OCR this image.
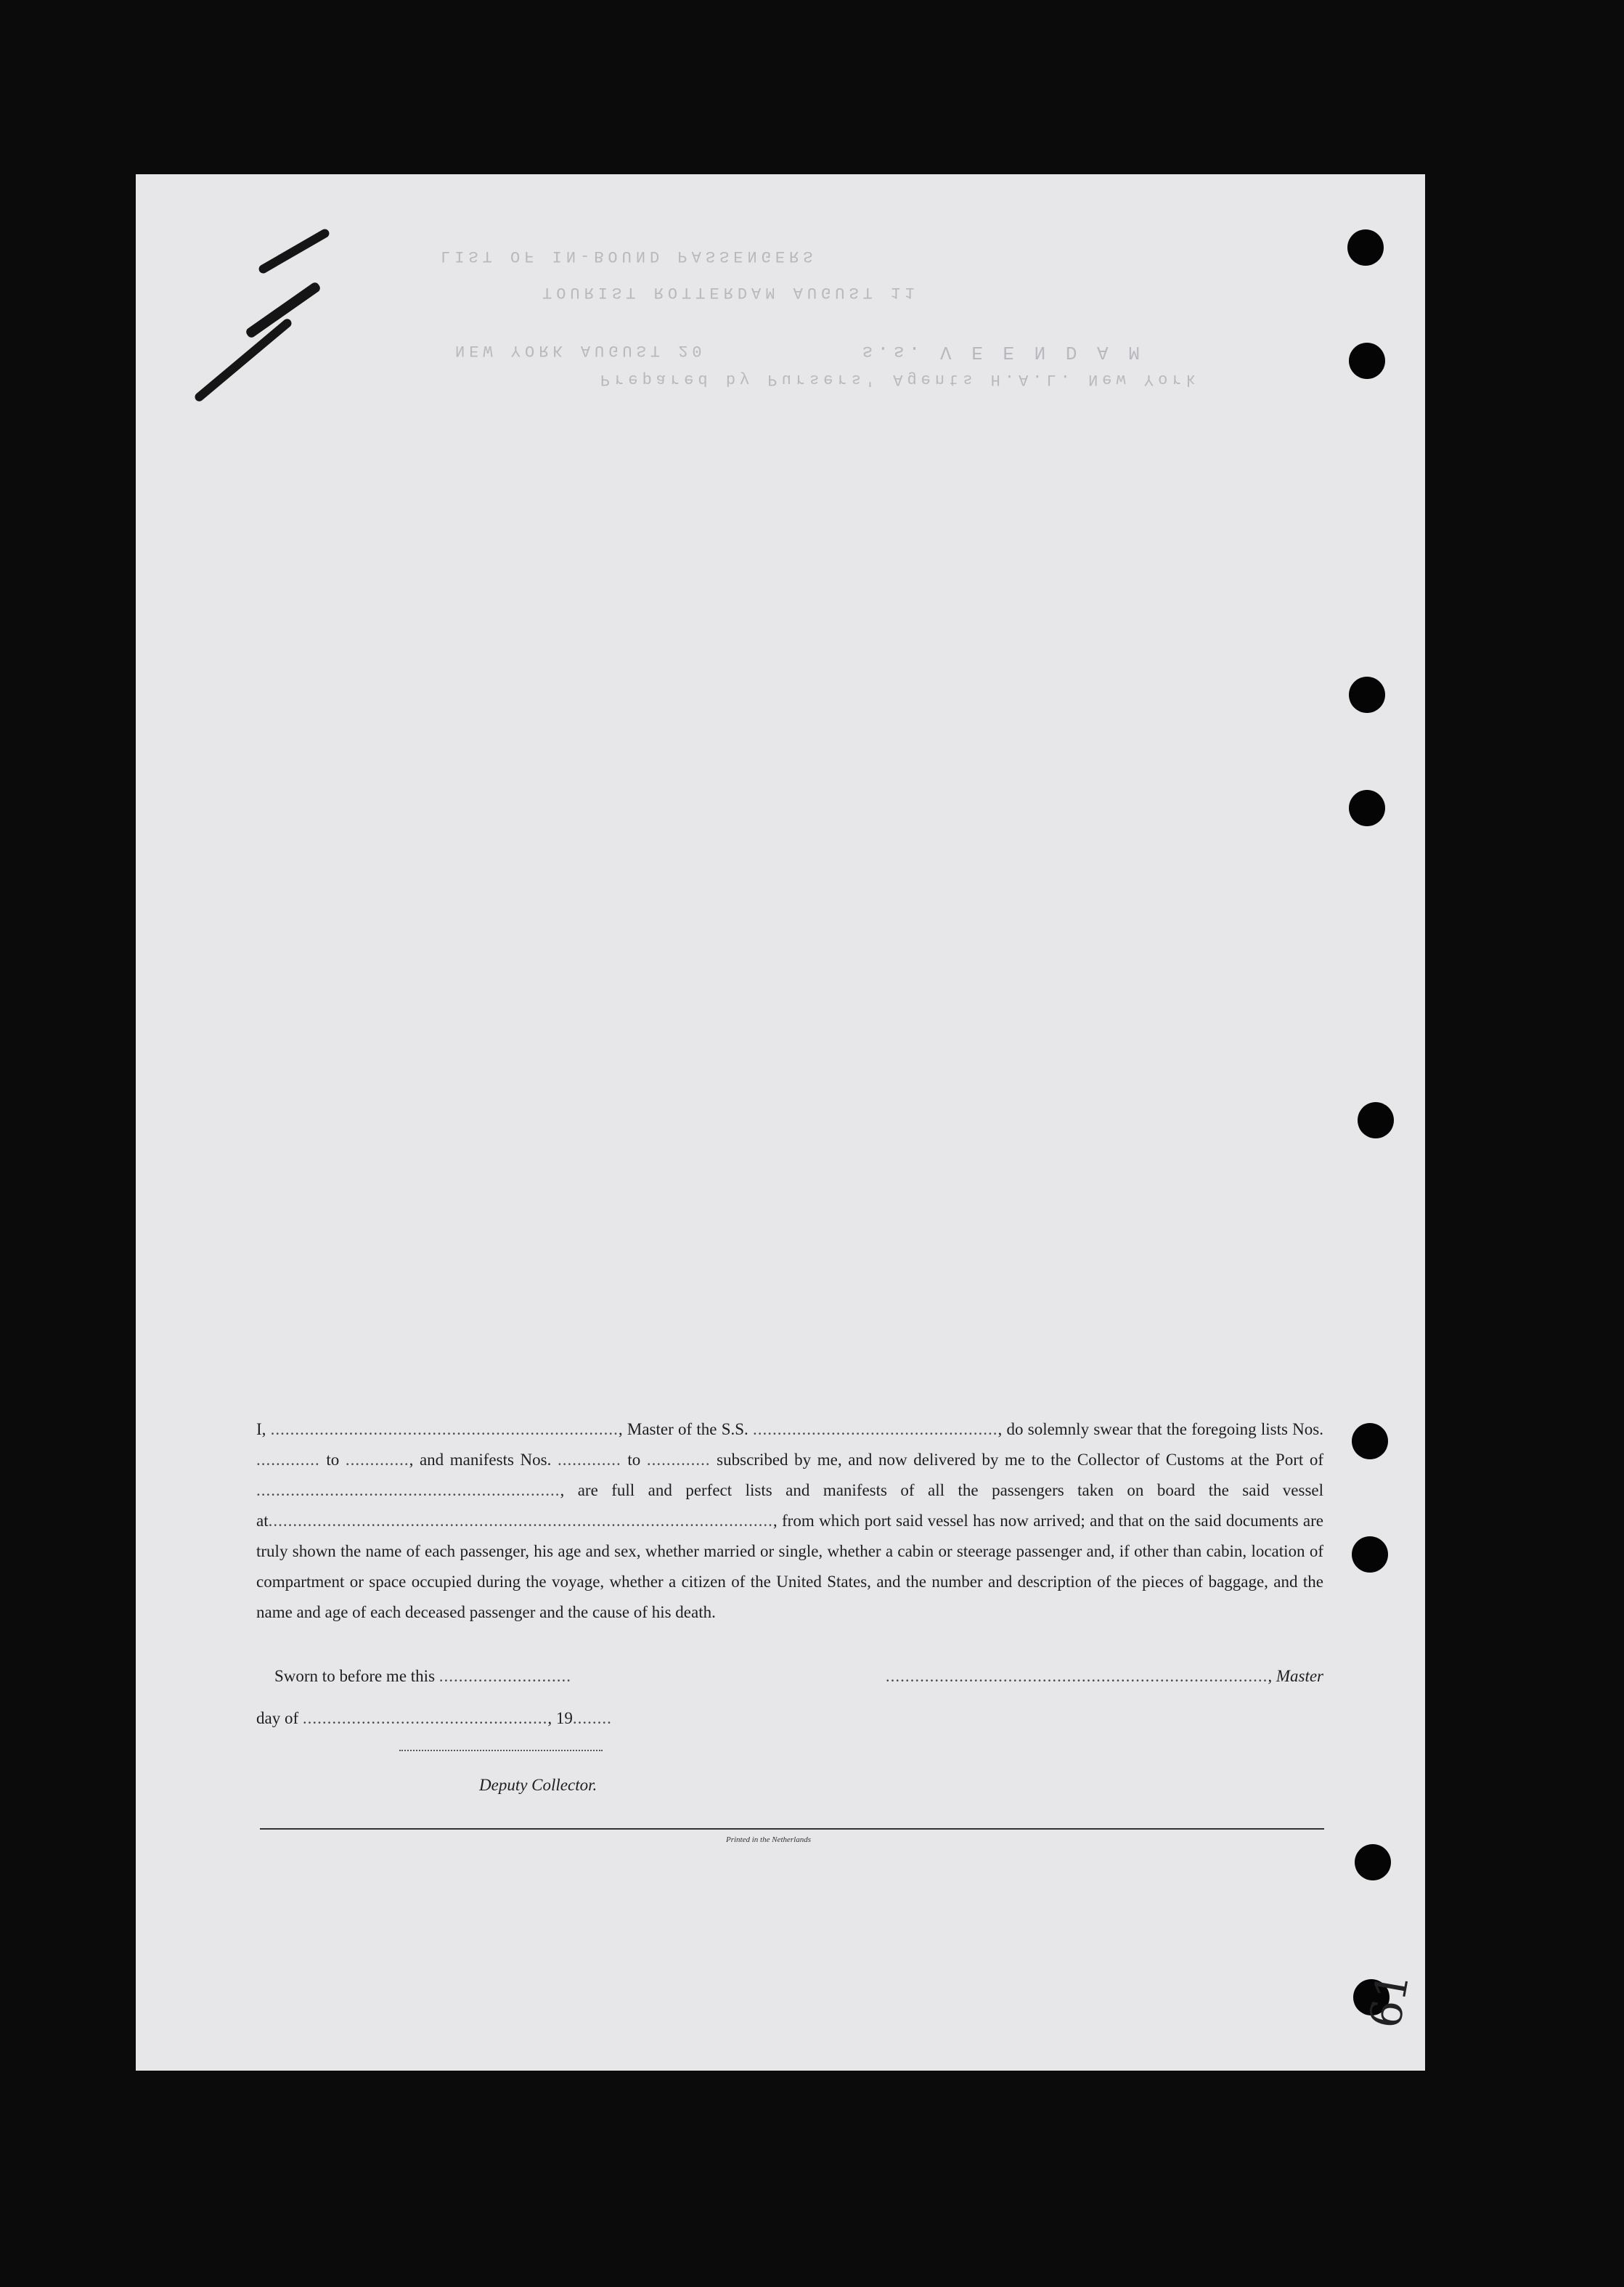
LIST OF IN-BOUND PASSENGERS
TOURIST ROTTERDAM AUGUST 11
s.s. V E E N D A M
NEW YORK AUGUST 20
Prepared by Pursers' Agents H.A.L. New York

I, ......................................................................., Master of the S.S. .................................................., do solemnly swear that the foregoing lists Nos. ............. to ............., and manifests Nos. ............. to ............. subscribed by me, and now delivered by me to the Collector of Customs at the Port of .............................................................., are full and perfect lists and manifests of all the passengers taken on board the said vessel at......................................................................................................., from which port said vessel has now arrived; and that on the said documents are truly shown the name of each passenger, his age and sex, whether married or single, whether a cabin or steerage passenger and, if other than cabin, location of compartment or space occupied during the voyage, whether a citizen of the United States, and the number and description of the pieces of baggage, and the name and age of each deceased passenger and the cause of his death.

Sworn to before me this ...........................	.............................................................................., Master
day of .................................................., 19........
Deputy Collector.
Printed in the Netherlands
61
